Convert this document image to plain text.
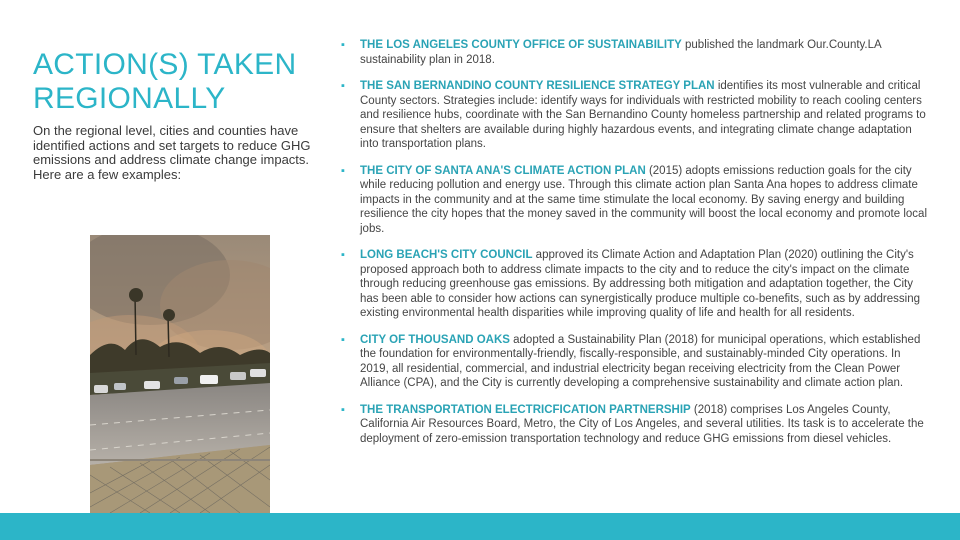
ACTION(S) TAKEN REGIONALLY

On the regional level, cities and counties have identified actions and set targets to reduce GHG emissions and address climate change impacts. Here are a few examples:

▪ THE LOS ANGELES COUNTY OFFICE OF SUSTAINABILITY published the landmark Our.County.LA sustainability plan in 2018.
▪ THE SAN BERNANDINO COUNTY RESILIENCE STRATEGY PLAN identifies its most vulnerable and critical County sectors. Strategies include: identify ways for individuals with restricted mobility to reach cooling centers and resilience hubs, coordinate with the San Bernandino County homeless partnership and related programs to ensure that shelters are available during highly hazardous events, and integrating climate change adaptation into transportation plans.
▪ THE CITY OF SANTA ANA'S CLIMATE ACTION PLAN (2015) adopts emissions reduction goals for the city while reducing pollution and energy use. Through this climate action plan Santa Ana hopes to address climate impacts in the community and at the same time stimulate the local economy. By saving energy and building resilience the city hopes that the money saved in the community will boost the local economy and promote local jobs.
▪ LONG BEACH'S CITY COUNCIL approved its Climate Action and Adaptation Plan (2020) outlining the City's proposed approach both to address climate impacts to the city and to reduce the city's impact on the climate through reducing greenhouse gas emissions. By addressing both mitigation and adaptation together, the City has been able to consider how actions can synergistically produce multiple co-benefits, such as by addressing existing environmental health disparities while improving quality of life and health for all residents.
▪ CITY OF THOUSAND OAKS adopted a Sustainability Plan (2018) for municipal operations, which established the foundation for environmentally-friendly, fiscally-responsible, and sustainably-minded City operations. In 2019, all residential, commercial, and industrial electricity began receiving electricity from the Clean Power Alliance (CPA), and the City is currently developing a comprehensive sustainability and climate action plan.
▪ THE TRANSPORTATION ELECTRICFICATION PARTNERSHIP (2018) comprises Los Angeles County, California Air Resources Board, Metro, the City of Los Angeles, and several utilities. Its task is to accelerate the deployment of zero-emission transportation technology and reduce GHG emissions from diesel vehicles.
